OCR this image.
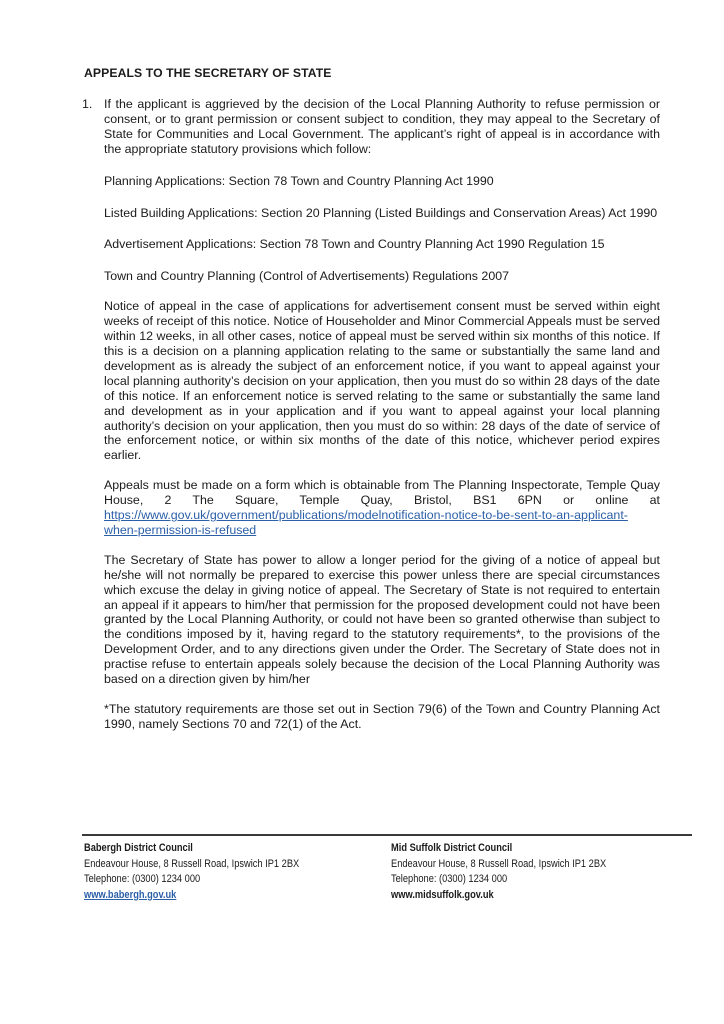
APPEALS TO THE SECRETARY OF STATE
1. If the applicant is aggrieved by the decision of the Local Planning Authority to refuse permission or consent, or to grant permission or consent subject to condition, they may appeal to the Secretary of State for Communities and Local Government. The applicant’s right of appeal is in accordance with the appropriate statutory provisions which follow:

Planning Applications: Section 78 Town and Country Planning Act 1990

Listed Building Applications: Section 20 Planning (Listed Buildings and Conservation Areas) Act 1990

Advertisement Applications: Section 78 Town and Country Planning Act 1990 Regulation 15

Town and Country Planning (Control of Advertisements) Regulations 2007

Notice of appeal in the case of applications for advertisement consent must be served within eight weeks of receipt of this notice. Notice of Householder and Minor Commercial Appeals must be served within 12 weeks, in all other cases, notice of appeal must be served within six months of this notice. If this is a decision on a planning application relating to the same or substantially the same land and development as is already the subject of an enforcement notice, if you want to appeal against your local planning authority’s decision on your application, then you must do so within 28 days of the date of this notice. If an enforcement notice is served relating to the same or substantially the same land and development as in your application and if you want to appeal against your local planning authority’s decision on your application, then you must do so within: 28 days of the date of service of the enforcement notice, or within six months of the date of this notice, whichever period expires earlier.

Appeals must be made on a form which is obtainable from The Planning Inspectorate, Temple Quay House, 2 The Square, Temple Quay, Bristol, BS1 6PN or online at https://www.gov.uk/government/publications/modelnotification-notice-to-be-sent-to-an-applicant-when-permission-is-refused

The Secretary of State has power to allow a longer period for the giving of a notice of appeal but he/she will not normally be prepared to exercise this power unless there are special circumstances which excuse the delay in giving notice of appeal. The Secretary of State is not required to entertain an appeal if it appears to him/her that permission for the proposed development could not have been granted by the Local Planning Authority, or could not have been so granted otherwise than subject to the conditions imposed by it, having regard to the statutory requirements*, to the provisions of the Development Order, and to any directions given under the Order. The Secretary of State does not in practise refuse to entertain appeals solely because the decision of the Local Planning Authority was based on a direction given by him/her

*The statutory requirements are those set out in Section 79(6) of the Town and Country Planning Act 1990, namely Sections 70 and 72(1) of the Act.

Babergh District Council
Endeavour House, 8 Russell Road, Ipswich IP1 2BX
Telephone: (0300) 1234 000
www.babergh.gov.uk
Mid Suffolk District Council
Endeavour House, 8 Russell Road, Ipswich IP1 2BX
Telephone: (0300) 1234 000
www.midsuffolk.gov.uk
